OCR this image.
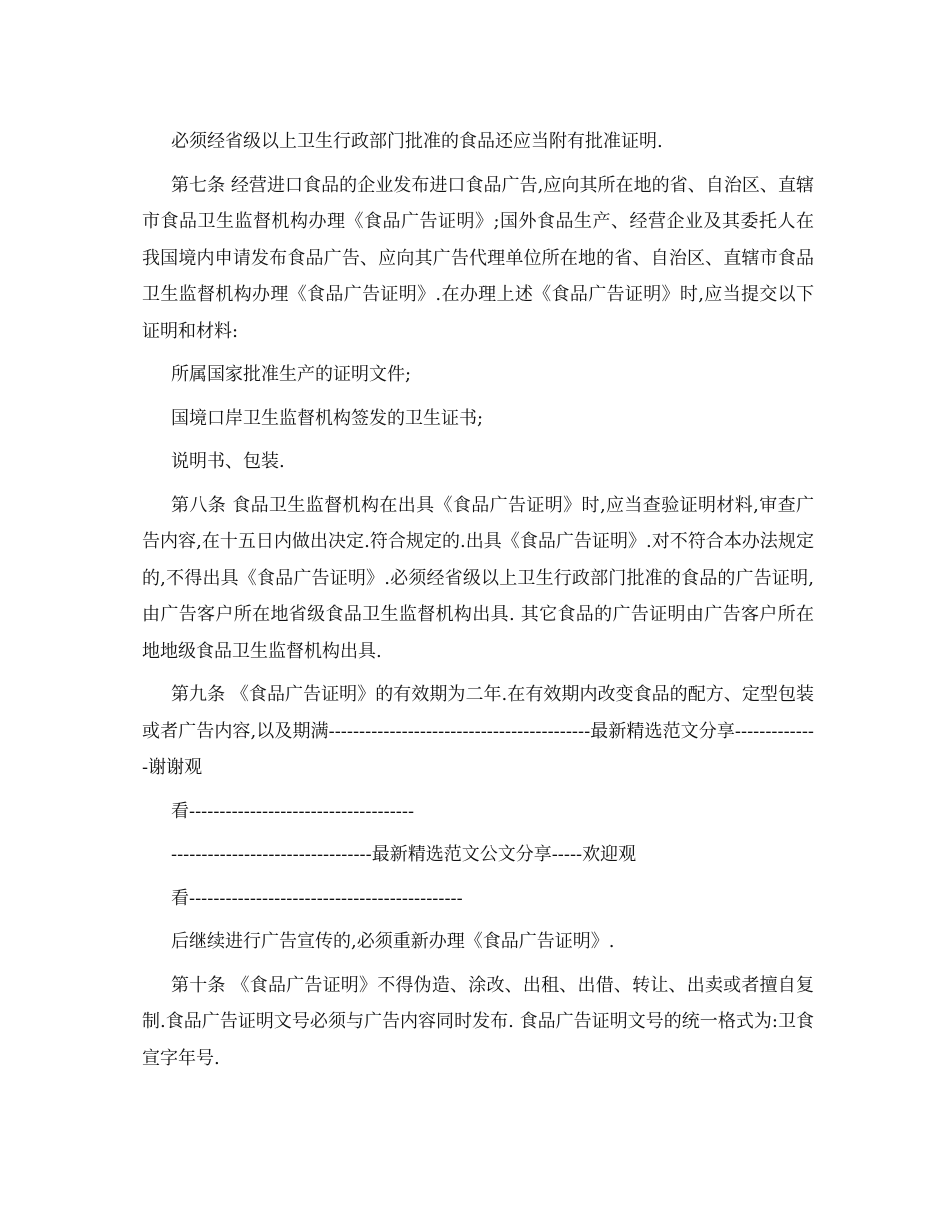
必须经省级以上卫生行政部门批准的食品还应当附有批准证明.

第七条 经营进口食品的企业发布进口食品广告,应向其所在地的省、自治区、直辖市食品卫生监督机构办理《食品广告证明》;国外食品生产、经营企业及其委托人在我国境内申请发布食品广告、应向其广告代理单位所在地的省、自治区、直辖市食品卫生监督机构办理《食品广告证明》.在办理上述《食品广告证明》时,应当提交以下证明和材料:

所属国家批准生产的证明文件;

国境口岸卫生监督机构签发的卫生证书;

说明书、包装.

第八条 食品卫生监督机构在出具《食品广告证明》时,应当查验证明材料,审查广告内容,在十五日内做出决定.符合规定的.出具《食品广告证明》.对不符合本办法规定的,不得出具《食品广告证明》.必须经省级以上卫生行政部门批准的食品的广告证明,由广告客户所在地省级食品卫生监督机构出具. 其它食品的广告证明由广告客户所在地地级食品卫生监督机构出具.

第九条 《食品广告证明》的有效期为二年.在有效期内改变食品的配方、定型包装或者广告内容,以及期满-------------------------------------------最新精选范文分享--------------谢谢观

看-------------------------------------

---------------------------------最新精选范文公文分享-----欢迎观

看---------------------------------------------

后继续进行广告宣传的,必须重新办理《食品广告证明》.

第十条 《食品广告证明》不得伪造、涂改、出租、出借、转让、出卖或者擅自复制.食品广告证明文号必须与广告内容同时发布. 食品广告证明文号的统一格式为:卫食宣字年号.
